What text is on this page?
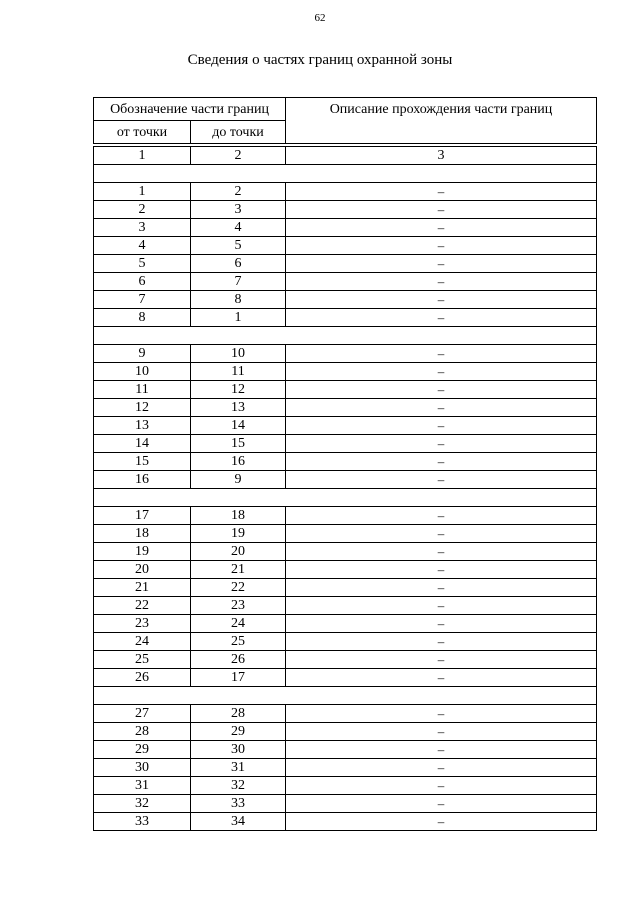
62
Сведения о частях границ охранной зоны
Обозначение части границ		Описание прохождения части границ
от точки	до точки	
1	2	3

1	2	–
2	3	–
3	4	–
4	5	–
5	6	–
6	7	–
7	8	–
8	1	–

9	10	–
10	11	–
11	12	–
12	13	–
13	14	–
14	15	–
15	16	–
16	9	–

17	18	–
18	19	–
19	20	–
20	21	–
21	22	–
22	23	–
23	24	–
24	25	–
25	26	–
26	17	–

27	28	–
28	29	–
29	30	–
30	31	–
31	32	–
32	33	–
33	34	–
